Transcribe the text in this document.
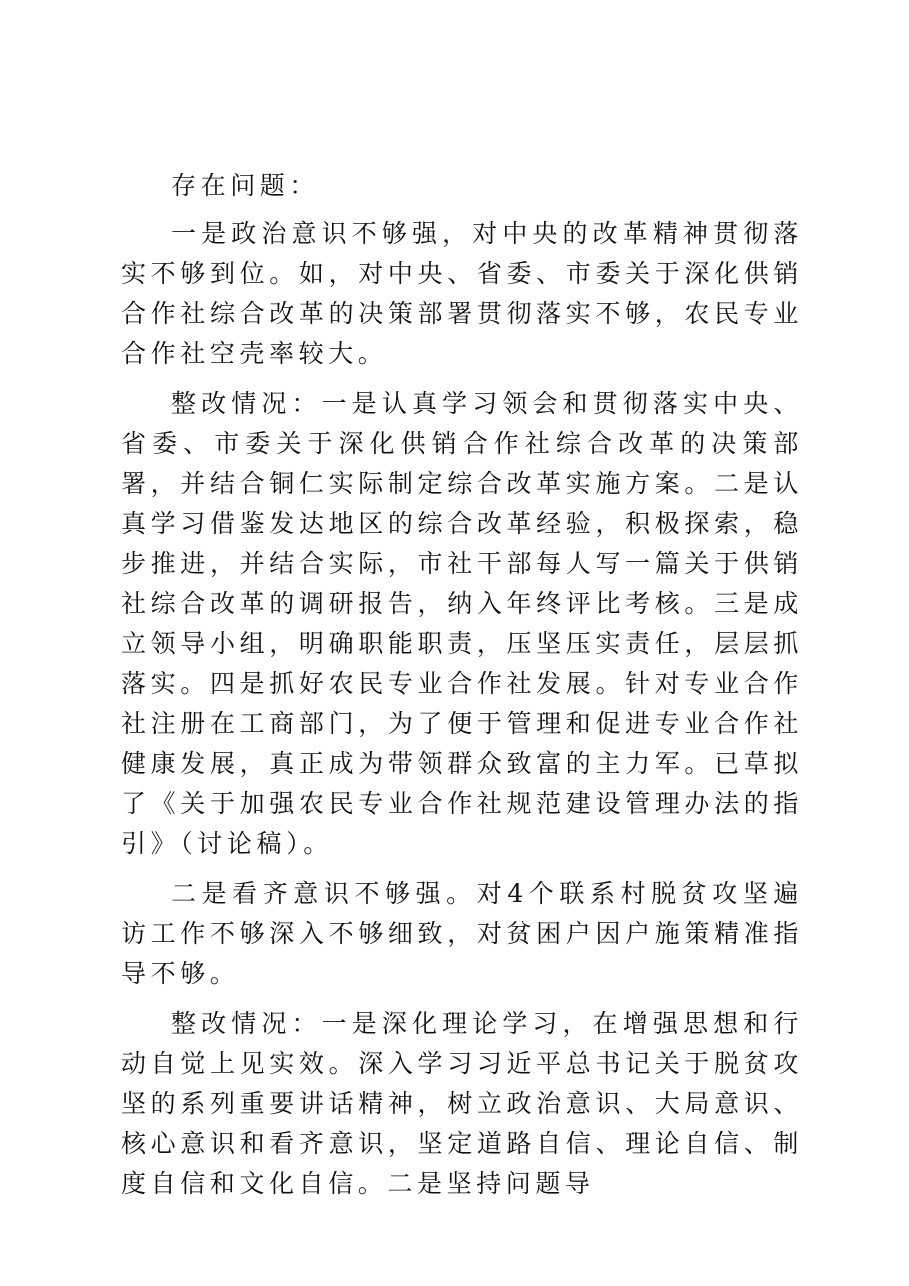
存在问题：

一是政治意识不够强，对中央的改革精神贯彻落实不够到位。如，对中央、省委、市委关于深化供销合作社综合改革的决策部署贯彻落实不够，农民专业合作社空壳率较大。

整改情况：一是认真学习领会和贯彻落实中央、省委、市委关于深化供销合作社综合改革的决策部署，并结合铜仁实际制定综合改革实施方案。二是认真学习借鉴发达地区的综合改革经验，积极探索，稳步推进，并结合实际，市社干部每人写一篇关于供销社综合改革的调研报告，纳入年终评比考核。三是成立领导小组，明确职能职责，压坚压实责任，层层抓落实。四是抓好农民专业合作社发展。针对专业合作社注册在工商部门，为了便于管理和促进专业合作社健康发展，真正成为带领群众致富的主力军。已草拟了《关于加强农民专业合作社规范建设管理办法的指引》（讨论稿）。

二是看齐意识不够强。对4个联系村脱贫攻坚遍访工作不够深入不够细致，对贫困户因户施策精准指导不够。

整改情况：一是深化理论学习，在增强思想和行动自觉上见实效。深入学习习近平总书记关于脱贫攻坚的系列重要讲话精神，树立政治意识、大局意识、核心意识和看齐意识，坚定道路自信、理论自信、制度自信和文化自信。二是坚持问题导
